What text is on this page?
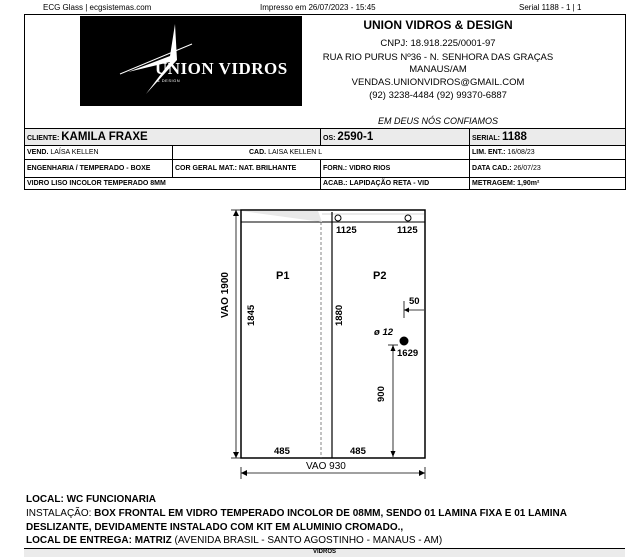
ECG Glass | ecgsistemas.com	Impresso em 26/07/2023 - 15:45	Serial 1188 - 1 | 1
UNION VIDROS
& DESIGN
UNION VIDROS & DESIGN
CNPJ: 18.918.225/0001-97
RUA RIO PURUS Nº36 - N. SENHORA DAS GRAÇAS
MANAUS/AM
VENDAS.UNIONVIDROS@GMAIL.COM
(92) 3238-4484 (92) 99370-6887
EM DEUS NÓS CONFIAMOS
CLIENTE: KAMILA FRAXE		OS: 2590-1	SERIAL: 1188
VEND. LAÍSA KELLEN	CAD. LAISA KELLEN L		LIM. ENT.: 16/08/23
ENGENHARIA / TEMPERADO - BOXE	COR GERAL MAT.: NAT. BRILHANTE	FORN.: VIDRO RIOS	DATA CAD.: 26/07/23
VIDRO LISO INCOLOR TEMPERADO 8MM		ACAB.: LAPIDAÇÃO RETA - VID	METRAGEM: 1,90m²
VAO 1900
VAO 930
P1	P2
1125	1125
1845	1880
485	485
50
ø 12
1629
900
LOCAL: WC FUNCIONARIA
INSTALAÇÃO: BOX FRONTAL EM VIDRO TEMPERADO INCOLOR DE 08MM, SENDO 01 LAMINA FIXA E 01 LAMINA
DESLIZANTE, DEVIDAMENTE INSTALADO COM KIT EM ALUMINIO CROMADO.,
LOCAL DE ENTREGA: MATRIZ (AVENIDA BRASIL - SANTO AGOSTINHO - MANAUS - AM)
VIDROS
